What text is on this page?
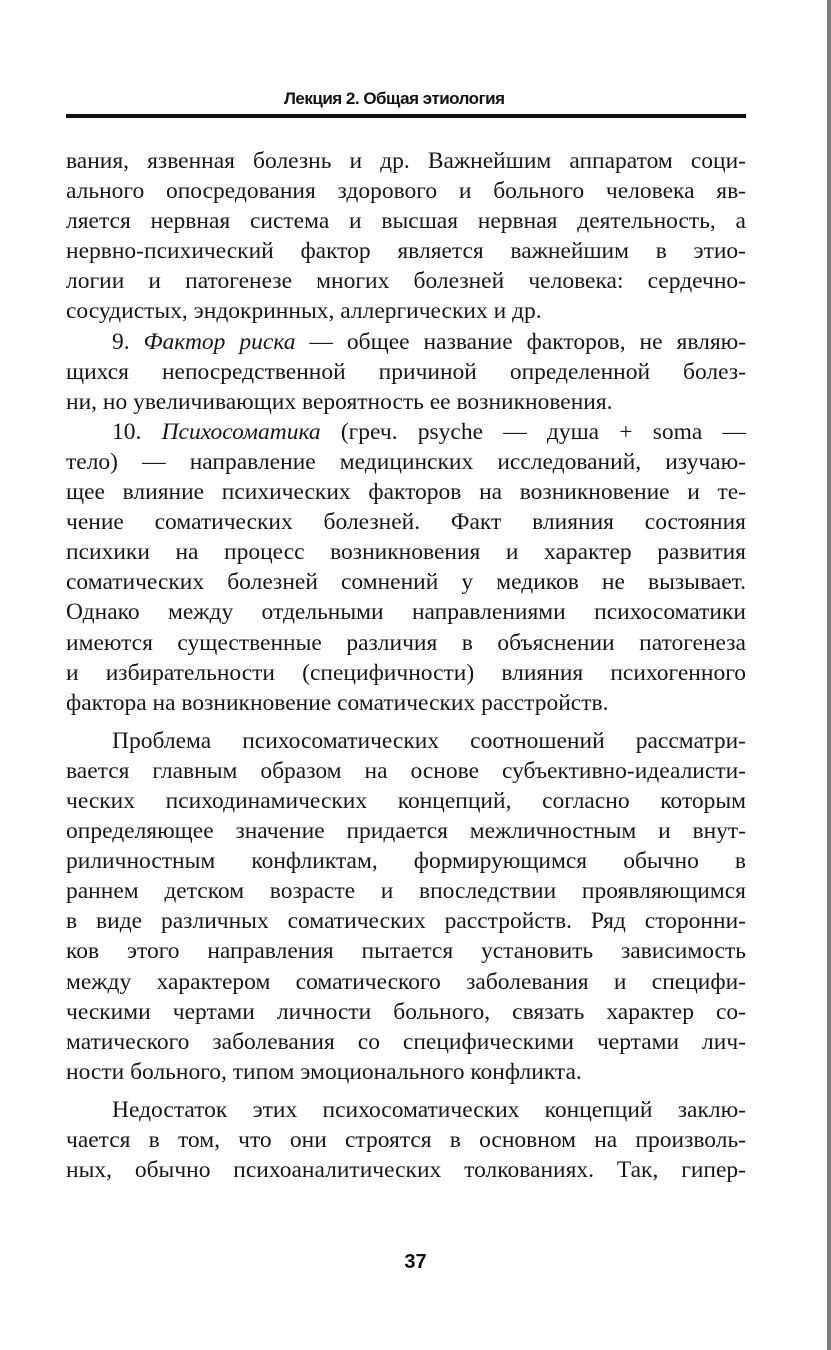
Лекция 2. Общая этиология
вания, язвенная болезнь и др. Важнейшим аппаратом соци-
ального опосредования здорового и больного человека яв-
ляется нервная система и высшая нервная деятельность, а
нервно-психический фактор является важнейшим в этио-
логии и патогенезе многих болезней человека: сердечно-
сосудистых, эндокринных, аллергических и др.
9. Фактор риска — общее название факторов, не являю-
щихся непосредственной причиной определенной болез-
ни, но увеличивающих вероятность ее возникновения.
10. Психосоматика (греч. psyche — душа + soma —
тело) — направление медицинских исследований, изучаю-
щее влияние психических факторов на возникновение и те-
чение соматических болезней. Факт влияния состояния
психики на процесс возникновения и характер развития
соматических болезней сомнений у медиков не вызывает.
Однако между отдельными направлениями психосоматики
имеются существенные различия в объяснении патогенеза
и избирательности (специфичности) влияния психогенного
фактора на возникновение соматических расстройств.
Проблема психосоматических соотношений рассматри-
вается главным образом на основе субъективно-идеалисти-
ческих психодинамических концепций, согласно которым
определяющее значение придается межличностным и внут-
риличностным конфликтам, формирующимся обычно в
раннем детском возрасте и впоследствии проявляющимся
в виде различных соматических расстройств. Ряд сторонни-
ков этого направления пытается установить зависимость
между характером соматического заболевания и специфи-
ческими чертами личности больного, связать характер со-
матического заболевания со специфическими чертами лич-
ности больного, типом эмоционального конфликта.
Недостаток этих психосоматических концепций заклю-
чается в том, что они строятся в основном на произволь-
ных, обычно психоаналитических толкованиях. Так, гипер-
37
